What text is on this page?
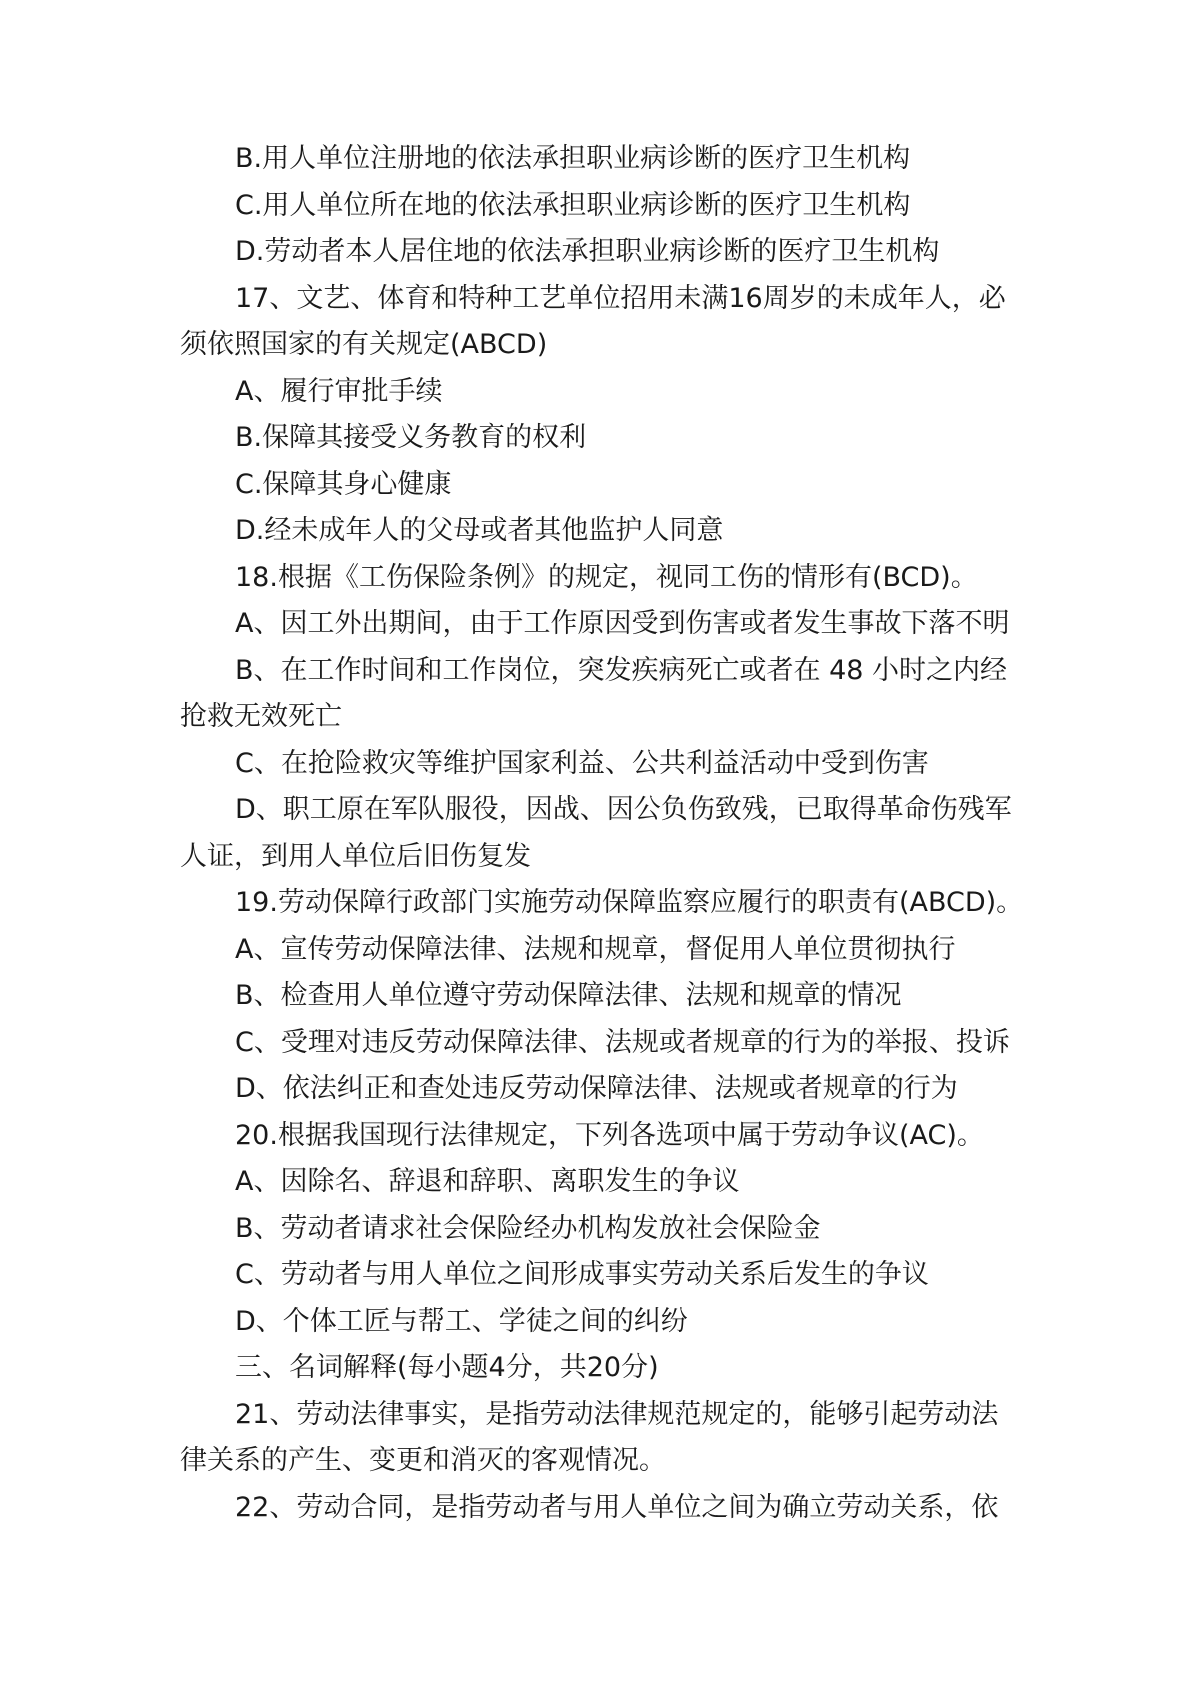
B.用人单位注册地的依法承担职业病诊断的医疗卫生机构
C.用人单位所在地的依法承担职业病诊断的医疗卫生机构
D.劳动者本人居住地的依法承担职业病诊断的医疗卫生机构
17、文艺、体育和特种工艺单位招用未满16周岁的未成年人，必
须依照国家的有关规定(ABCD)
A、履行审批手续
B.保障其接受义务教育的权利
C.保障其身心健康
D.经未成年人的父母或者其他监护人同意
18.根据《工伤保险条例》的规定，视同工伤的情形有(BCD)。
A、因工外出期间，由于工作原因受到伤害或者发生事故下落不明
B、在工作时间和工作岗位，突发疾病死亡或者在 48 小时之内经
抢救无效死亡
C、在抢险救灾等维护国家利益、公共利益活动中受到伤害
D、职工原在军队服役，因战、因公负伤致残，已取得革命伤残军
人证，到用人单位后旧伤复发
19.劳动保障行政部门实施劳动保障监察应履行的职责有(ABCD)。
A、宣传劳动保障法律、法规和规章，督促用人单位贯彻执行
B、检查用人单位遵守劳动保障法律、法规和规章的情况
C、受理对违反劳动保障法律、法规或者规章的行为的举报、投诉
D、依法纠正和查处违反劳动保障法律、法规或者规章的行为
20.根据我国现行法律规定，下列各选项中属于劳动争议(AC)。
A、因除名、辞退和辞职、离职发生的争议
B、劳动者请求社会保险经办机构发放社会保险金
C、劳动者与用人单位之间形成事实劳动关系后发生的争议
D、个体工匠与帮工、学徒之间的纠纷
三、名词解释(每小题4分，共20分)
21、劳动法律事实，是指劳动法律规范规定的，能够引起劳动法
律关系的产生、变更和消灭的客观情况。
22、劳动合同，是指劳动者与用人单位之间为确立劳动关系，依
